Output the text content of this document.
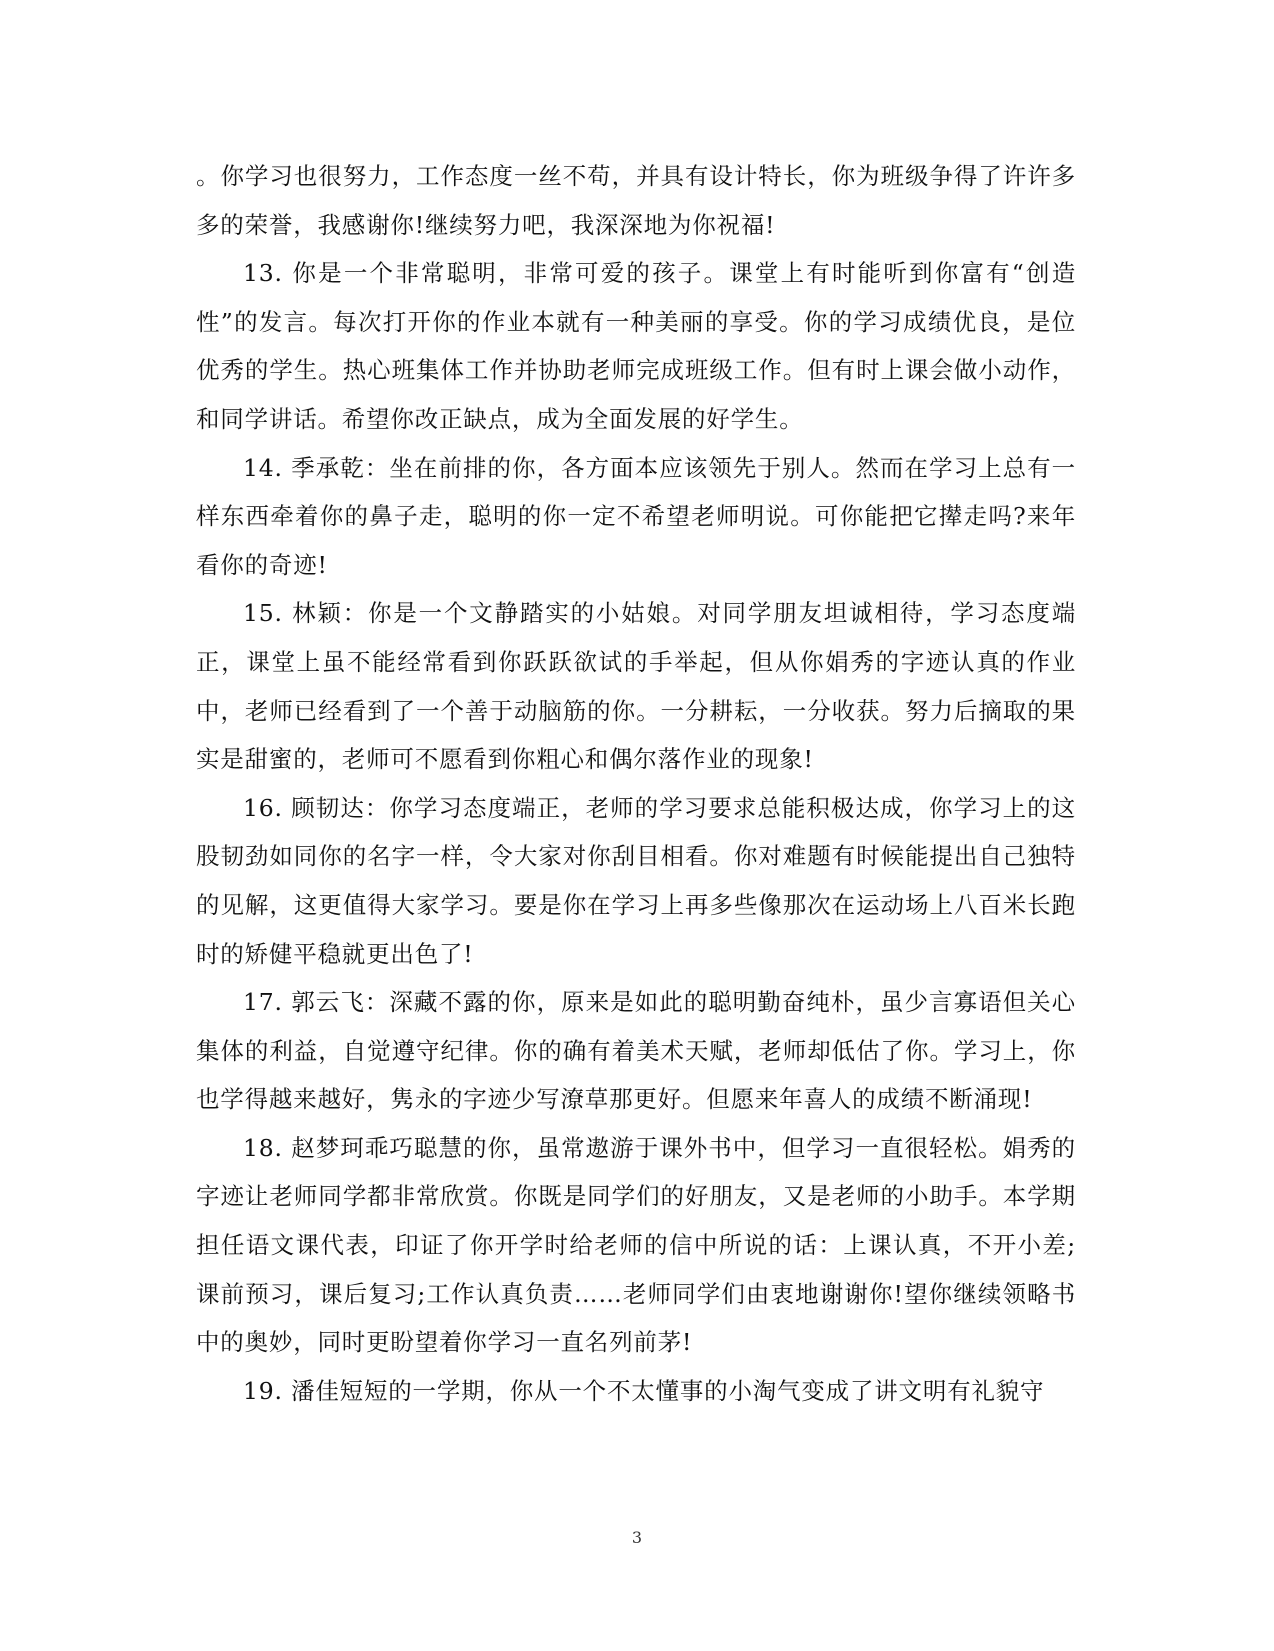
。你学习也很努力，工作态度一丝不苟，并具有设计特长，你为班级争得了许许多多的荣誉，我感谢你!继续努力吧，我深深地为你祝福!

13. 你是一个非常聪明，非常可爱的孩子。课堂上有时能听到你富有“创造性”的发言。每次打开你的作业本就有一种美丽的享受。你的学习成绩优良，是位优秀的学生。热心班集体工作并协助老师完成班级工作。但有时上课会做小动作，和同学讲话。希望你改正缺点，成为全面发展的好学生。

14. 季承乾：坐在前排的你，各方面本应该领先于别人。然而在学习上总有一样东西牵着你的鼻子走，聪明的你一定不希望老师明说。可你能把它撵走吗?来年看你的奇迹!

15. 林颖：你是一个文静踏实的小姑娘。对同学朋友坦诚相待，学习态度端正，课堂上虽不能经常看到你跃跃欲试的手举起，但从你娟秀的字迹认真的作业中，老师已经看到了一个善于动脑筋的你。一分耕耘，一分收获。努力后摘取的果实是甜蜜的，老师可不愿看到你粗心和偶尔落作业的现象!

16. 顾韧达：你学习态度端正，老师的学习要求总能积极达成，你学习上的这股韧劲如同你的名字一样，令大家对你刮目相看。你对难题有时候能提出自己独特的见解，这更值得大家学习。要是你在学习上再多些像那次在运动场上八百米长跑时的矫健平稳就更出色了!

17. 郭云飞：深藏不露的你，原来是如此的聪明勤奋纯朴，虽少言寡语但关心集体的利益，自觉遵守纪律。你的确有着美术天赋，老师却低估了你。学习上，你也学得越来越好，隽永的字迹少写潦草那更好。但愿来年喜人的成绩不断涌现!

18. 赵梦珂乖巧聪慧的你，虽常遨游于课外书中，但学习一直很轻松。娟秀的字迹让老师同学都非常欣赏。你既是同学们的好朋友，又是老师的小助手。本学期担任语文课代表，印证了你开学时给老师的信中所说的话：上课认真，不开小差;课前预习，课后复习;工作认真负责……老师同学们由衷地谢谢你!望你继续领略书中的奥妙，同时更盼望着你学习一直名列前茅!

19. 潘佳短短的一学期，你从一个不太懂事的小淘气变成了讲文明有礼貌守

3
